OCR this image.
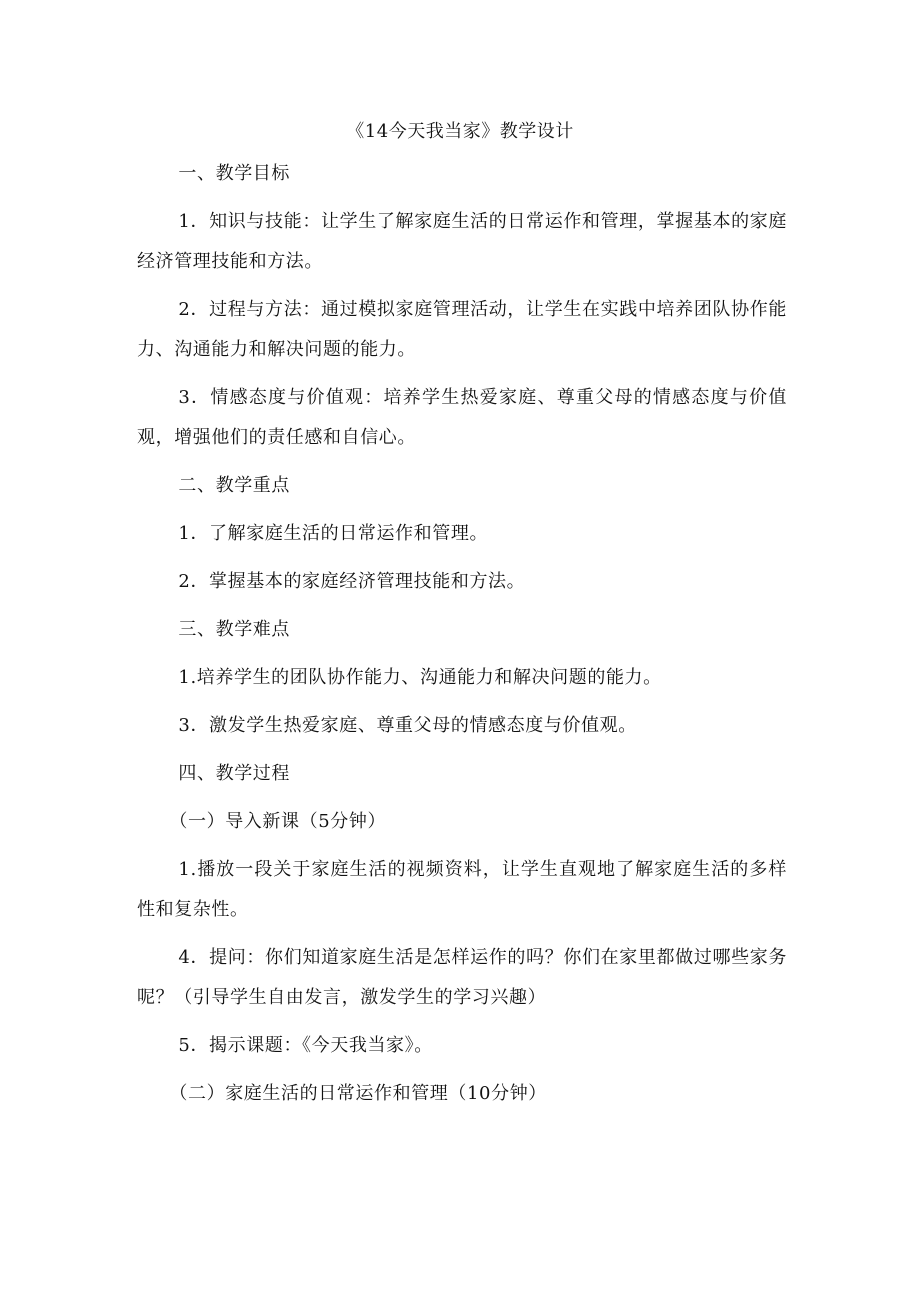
《14今天我当家》教学设计

一、教学目标

1．知识与技能：让学生了解家庭生活的日常运作和管理，掌握基本的家庭经济管理技能和方法。

2．过程与方法：通过模拟家庭管理活动，让学生在实践中培养团队协作能力、沟通能力和解决问题的能力。

3．情感态度与价值观：培养学生热爱家庭、尊重父母的情感态度与价值观，增强他们的责任感和自信心。

二、教学重点

1．了解家庭生活的日常运作和管理。

2．掌握基本的家庭经济管理技能和方法。

三、教学难点

1.培养学生的团队协作能力、沟通能力和解决问题的能力。

3．激发学生热爱家庭、尊重父母的情感态度与价值观。

四、教学过程

（一）导入新课（5分钟）

1.播放一段关于家庭生活的视频资料，让学生直观地了解家庭生活的多样性和复杂性。

4．提问：你们知道家庭生活是怎样运作的吗？你们在家里都做过哪些家务呢？（引导学生自由发言，激发学生的学习兴趣）

5．揭示课题：《今天我当家》。

（二）家庭生活的日常运作和管理（10分钟）
